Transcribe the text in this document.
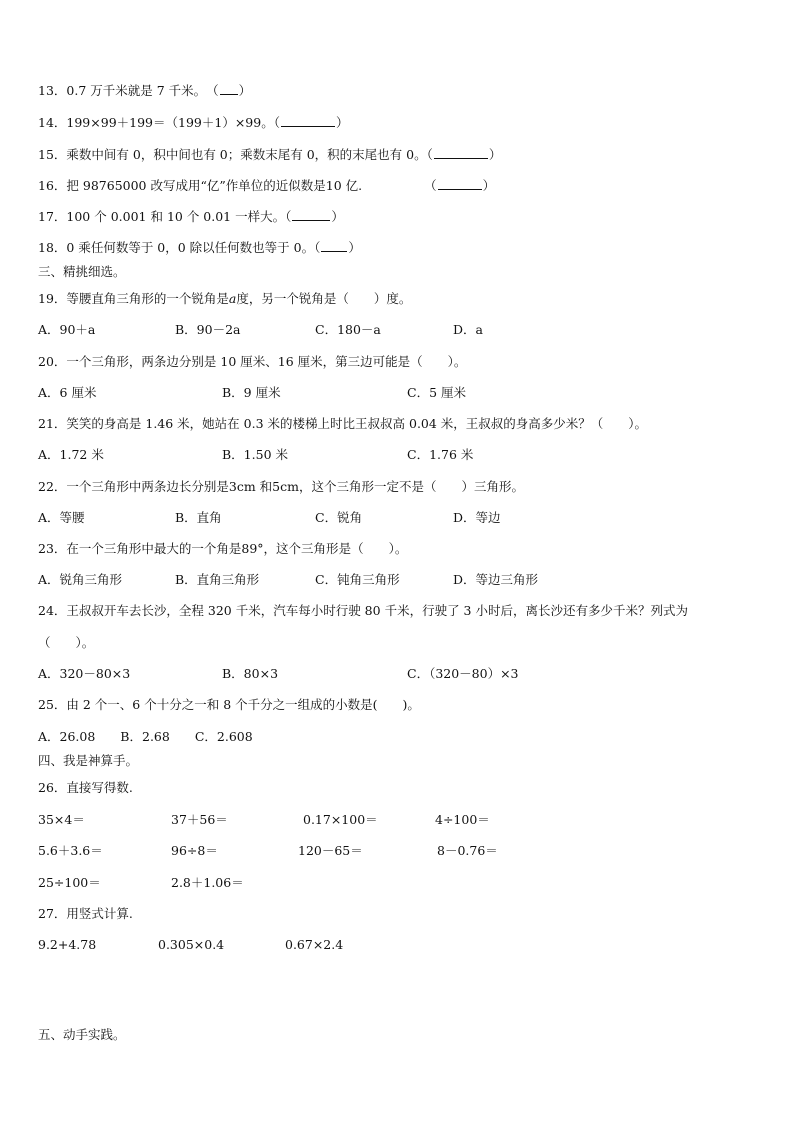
13．0.7 万千米就是 7 千米。　（ ）
14．199×99＋199＝（199＋1）×99。（	）
15．乘数中间有 0，积中间也有 0；乘数末尾有 0，积的末尾也有 0。（	）
16．把 98765000 改写成用“亿”作单位的近似数是10 亿.	（	）
17．100 个 0.001 和 10 个 0.01 一样大。（	）
18．0 乘任何数等于 0，0 除以任何数也等于 0。（ ）
三、精挑细选。
19．等腰直角三角形的一个锐角是a度，另一个锐角是（　　）度。
A．90＋a	B．90－2a	C．180－a	D．a
20．一个三角形，两条边分别是 10 厘米、16 厘米，第三边可能是（　　）。
A．6 厘米	B．9 厘米	C．5 厘米
21．笑笑的身高是 1.46 米，她站在 0.3 米的楼梯上时比王叔叔高 0.04 米，王叔叔的身高多少米？（　　）。
A．1.72 米	B．1.50 米	C．1.76 米
22．一个三角形中两条边长分别是3cm 和5cm，这个三角形一定不是（　　）三角形。
A．等腰	B．直角	C．锐角	D．等边
23．在一个三角形中最大的一个角是89°，这个三角形是（　　）。
A．锐角三角形	B．直角三角形	C．钝角三角形	D．等边三角形
24．王叔叔开车去长沙，全程 320 千米，汽车每小时行驶 80 千米，行驶了 3 小时后，离长沙还有多少千米？列式为
（　　）。
A．320－80×3	B．80×3	C．（320－80）×3
25．由 2 个一、6 个十分之一和 8 个千分之一组成的小数是(　　)。
A．26.08　　B．2.68　　C．2.608
四、我是神算手。
26．直接写得数.
35×4＝	37＋56＝	0.17×100＝	4÷100＝
5.6＋3.6＝	96÷8＝	120－65＝	8－0.76＝
25÷100＝	2.8＋1.06＝
27．用竖式计算.
9.2+4.78	0.305×0.4	0.67×2.4
五、动手实践。
